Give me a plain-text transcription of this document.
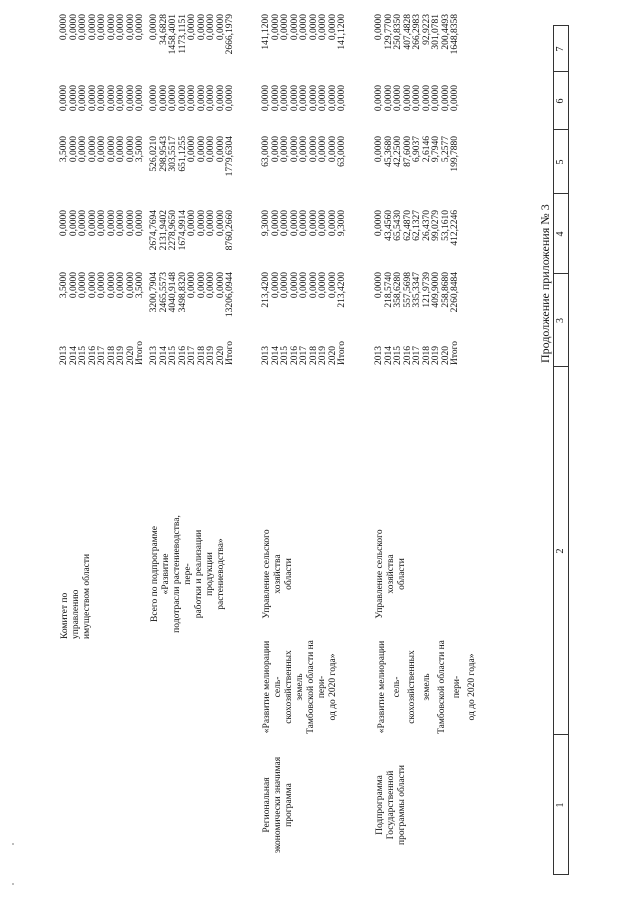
Продолжение приложения № 3
1
2
3
4
5
6
7
Комитет по управлению
имуществом области
Всего по подпрограмме «Развитие
подотрасли растениеводства, пере-
работки и реализации продукции
растениеводства»
Региональная
экономически значимая
программа
«Развитие мелиорации сель-
скохозяйственных земель
Тамбовской области на пери-
од до 2020 года»
Управление сельского хозяйства
области
Подпрограмма
Государственной
программы области
«Развитие мелиорации сель-
скохозяйственных земель
Тамбовской области на пери-
од до 2020 года»
Управление сельского хозяйства
области
2013 2014 2015 2016 2017 2018 2019 2020 Итого
3,5000 0,0000 0,0000 0,0000 0,0000 0,0000 0,0000 0,0000 3,5000
0,0000 0,0000 0,0000 0,0000 0,0000 0,0000 0,0000 0,0000 0,0000
3,5000 0,0000 0,0000 0,0000 0,0000 0,0000 0,0000 0,0000 3,5000
0,0000 0,0000 0,0000 0,0000 0,0000 0,0000 0,0000 0,0000 0,0000
0,0000 0,0000 0,0000 0,0000 0,0000 0,0000 0,0000 0,0000 0,0000
2013 2014 2015 2016 2017 2018 2019 2020 Итого
3200,7904 2465,5573 4040,9148 3498,8320 0,0000 0,0000 0,0000 0,0000 13206,0944
2674,7694 2131,9402 2278,9650 1674,9914 0,0000 0,0000 0,0000 0,0000 8760,2660
526,0210 298,9543 303,5517 651,1255 0,0000 0,0000 0,0000 0,0000 1779,6304
0,0000 0,0000 0,0000 0,0000 0,0000 0,0000 0,0000 0,0000 0,0000
0,0000 34,6828 1458,4001 1173,1151 0,0000 0,0000 0,0000 0,0000 2666,1979
2013 2014 2015 2016 2017 2018 2019 2020 Итого
213,4200 0,0000 0,0000 0,0000 0,0000 0,0000 0,0000 0,0000 213,4200
9,3000 0,0000 0,0000 0,0000 0,0000 0,0000 0,0000 0,0000 9,3000
63,0000 0,0000 0,0000 0,0000 0,0000 0,0000 0,0000 0,0000 63,0000
0,0000 0,0000 0,0000 0,0000 0,0000 0,0000 0,0000 0,0000 0,0000
141,1200 0,0000 0,0000 0,0000 0,0000 0,0000 0,0000 0,0000 141,1200
2013 2014 2015 2016 2017 2018 2019 2020 Итого
0,0000 218,5740 358,6280 557,5698 335,3347 121,9739 409,9000 258,8680 2260,8484
0,0000 43,4560 65,5430 62,4870 62,1327 26,4370 99,0279 53,1610 412,2246
0,0000 45,3680 42,2500 87,6000 6,9037 2,6146 9,7940 5,2577 199,7880
0,0000 0,0000 0,0000 0,0000 0,0000 0,0000 0,0000 0,0000 0,0000
0,0000 129,7700 250,8350 407,4828 266,2983 92,9223 301,0781 200,4493 1648,8358
